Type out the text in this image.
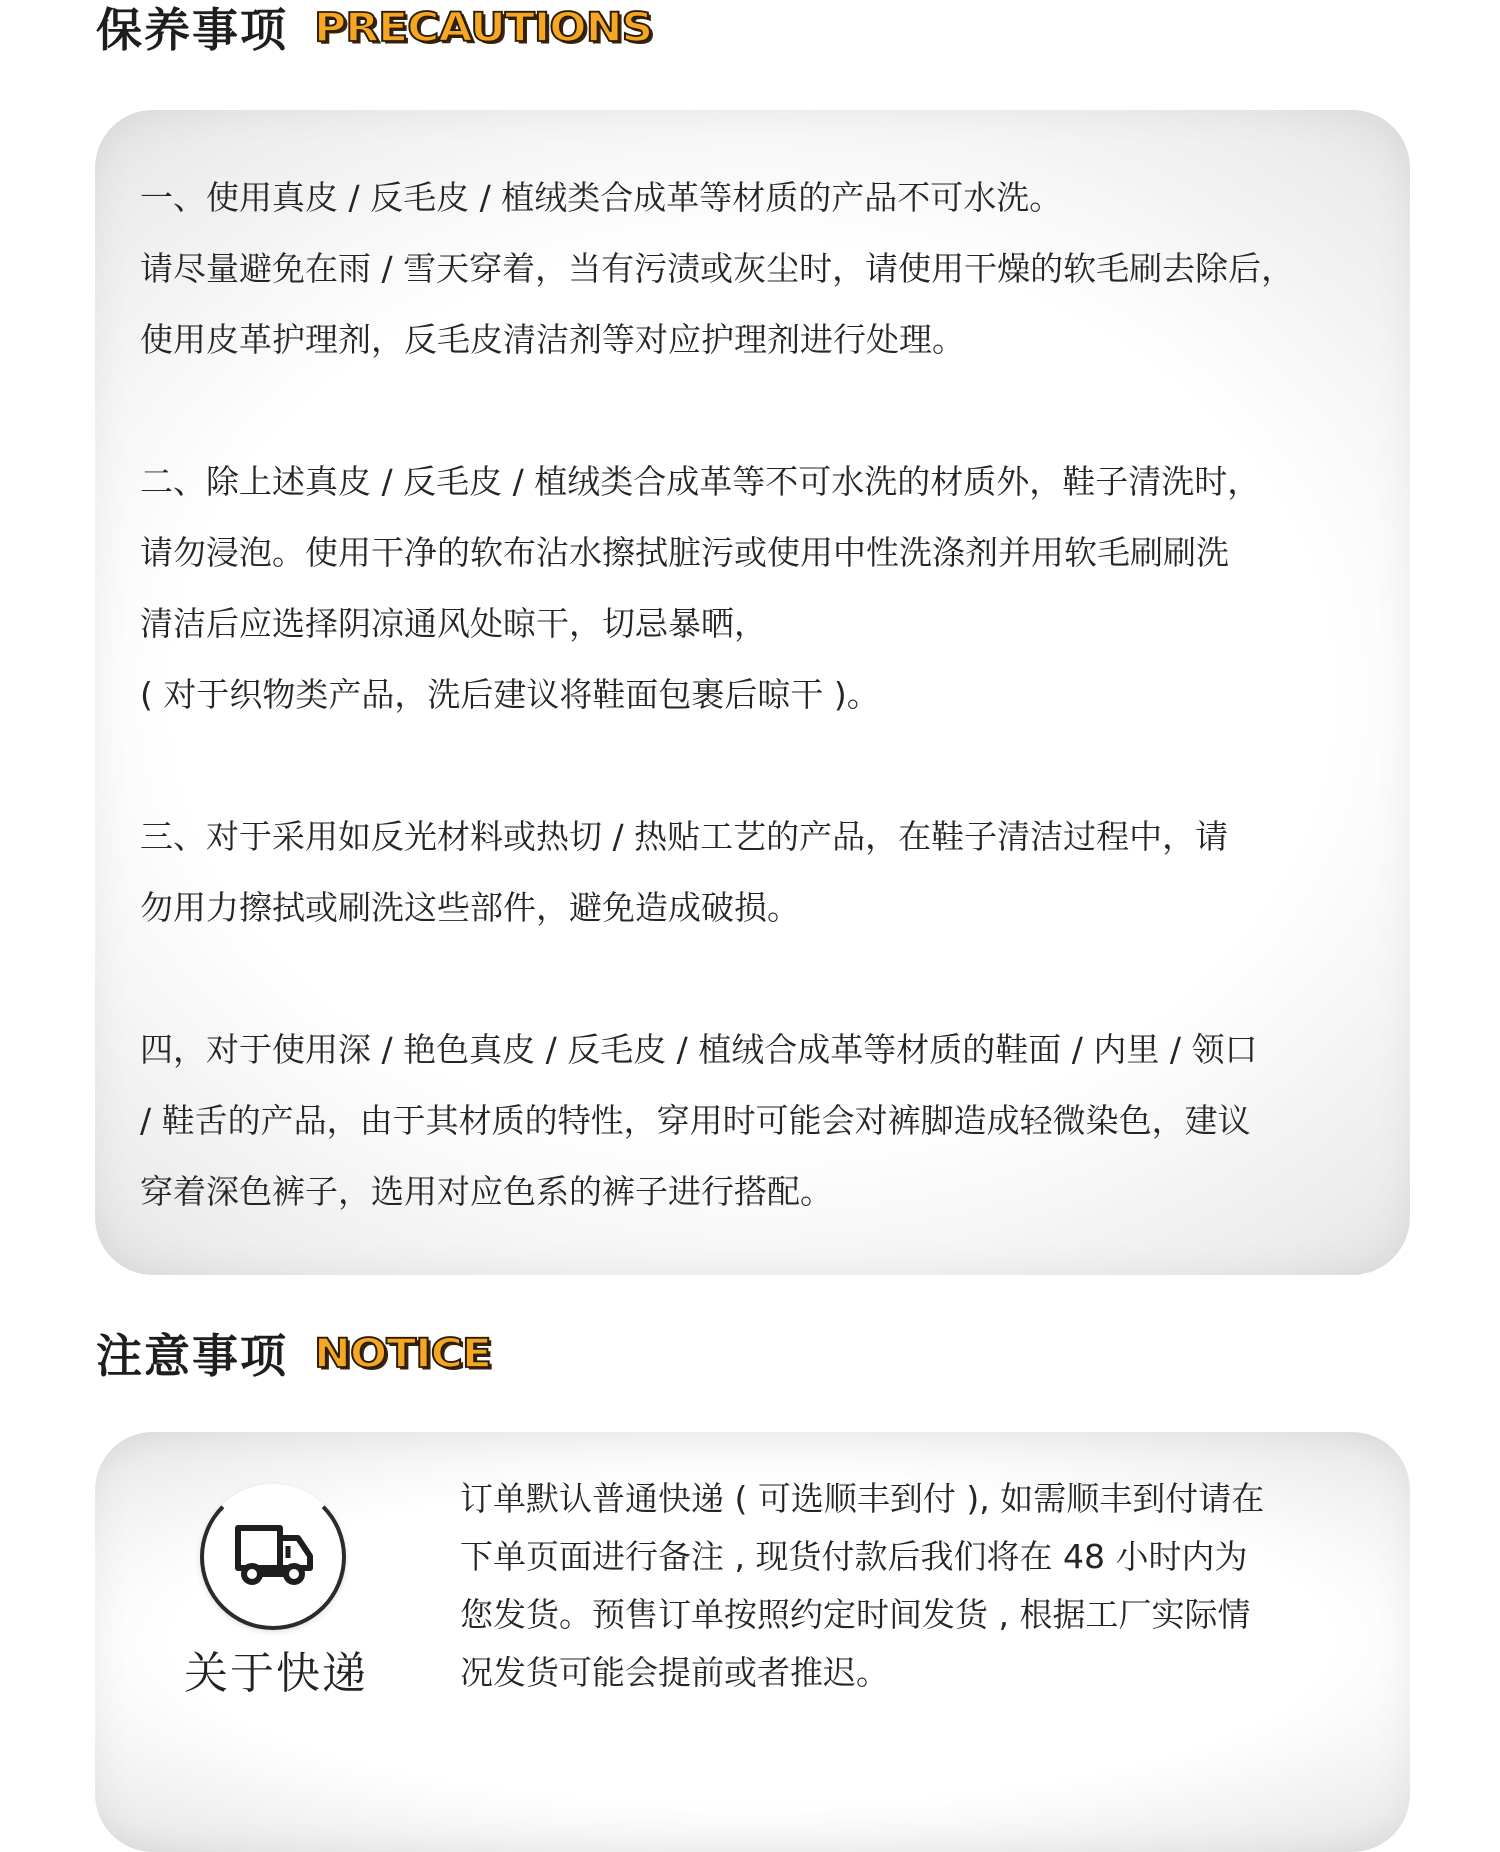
保养事项 PRECAUTIONS
一、使用真皮 / 反毛皮 / 植绒类合成革等材质的产品不可水洗。
请尽量避免在雨 / 雪天穿着，当有污渍或灰尘时，请使用干燥的软毛刷去除后，
使用皮革护理剂，反毛皮清洁剂等对应护理剂进行处理。
二、除上述真皮 / 反毛皮 / 植绒类合成革等不可水洗的材质外，鞋子清洗时，
请勿浸泡。使用干净的软布沾水擦拭脏污或使用中性洗涤剂并用软毛刷刷洗
清洁后应选择阴凉通风处晾干，切忌暴晒，
( 对于织物类产品，洗后建议将鞋面包裹后晾干 )。
三、对于采用如反光材料或热切 / 热贴工艺的产品，在鞋子清洁过程中，请
勿用力擦拭或刷洗这些部件，避免造成破损。
四，对于使用深 / 艳色真皮 / 反毛皮 / 植绒合成革等材质的鞋面 / 内里 / 领口
/ 鞋舌的产品，由于其材质的特性，穿用时可能会对裤脚造成轻微染色，建议
穿着深色裤子，选用对应色系的裤子进行搭配。
注意事项 NOTICE
关于快递
订单默认普通快递 ( 可选顺丰到付 ), 如需顺丰到付请在
下单页面进行备注 , 现货付款后我们将在 48 小时内为
您发货。预售订单按照约定时间发货 , 根据工厂实际情
况发货可能会提前或者推迟。
